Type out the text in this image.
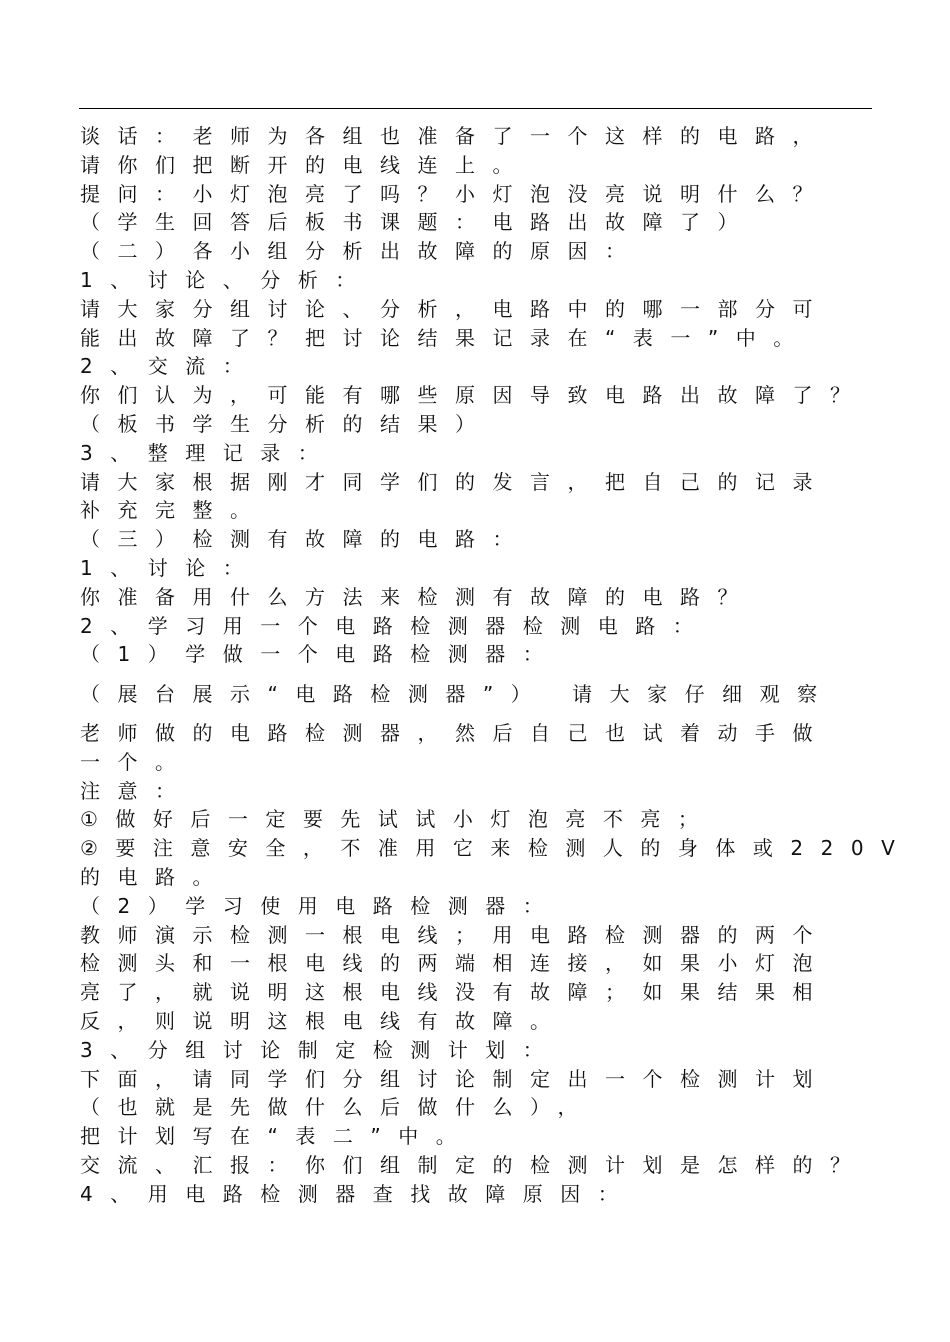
谈话：老师为各组也准备了一个这样的电路，
请你们把断开的电线连上。
提问：小灯泡亮了吗？小灯泡没亮说明什么？
（学生回答后板书课题：电路出故障了）
（二）各小组分析出故障的原因：
1、讨论、分析：
请大家分组讨论、分析，电路中的哪一部分可
能出故障了？把讨论结果记录在“表一”中。
2、交流：
你们认为，可能有哪些原因导致电路出故障了？
（板书学生分析的结果）
3、整理记录：
请大家根据刚才同学们的发言，把自己的记录
补充完整。
（三）检测有故障的电路：
1、讨论：
你准备用什么方法来检测有故障的电路？
2、学习用一个电路检测器检测电路：
（1）学做一个电路检测器：
（展台展示“电路检测器”） 请大家仔细观察
老师做的电路检测器，然后自己也试着动手做
一个。
注意：
①做好后一定要先试试小灯泡亮不亮；
②要注意安全，不准用它来检测人的身体或220V
的电路。
（2）学习使用电路检测器：
教师演示检测一根电线；用电路检测器的两个
检测头和一根电线的两端相连接，如果小灯泡
亮了，就说明这根电线没有故障；如果结果相
反，则说明这根电线有故障。
3、分组讨论制定检测计划：
下面，请同学们分组讨论制定出一个检测计划
（也就是先做什么后做什么），
把计划写在“表二”中。
交流、汇报：你们组制定的检测计划是怎样的？
4、用电路检测器查找故障原因：
